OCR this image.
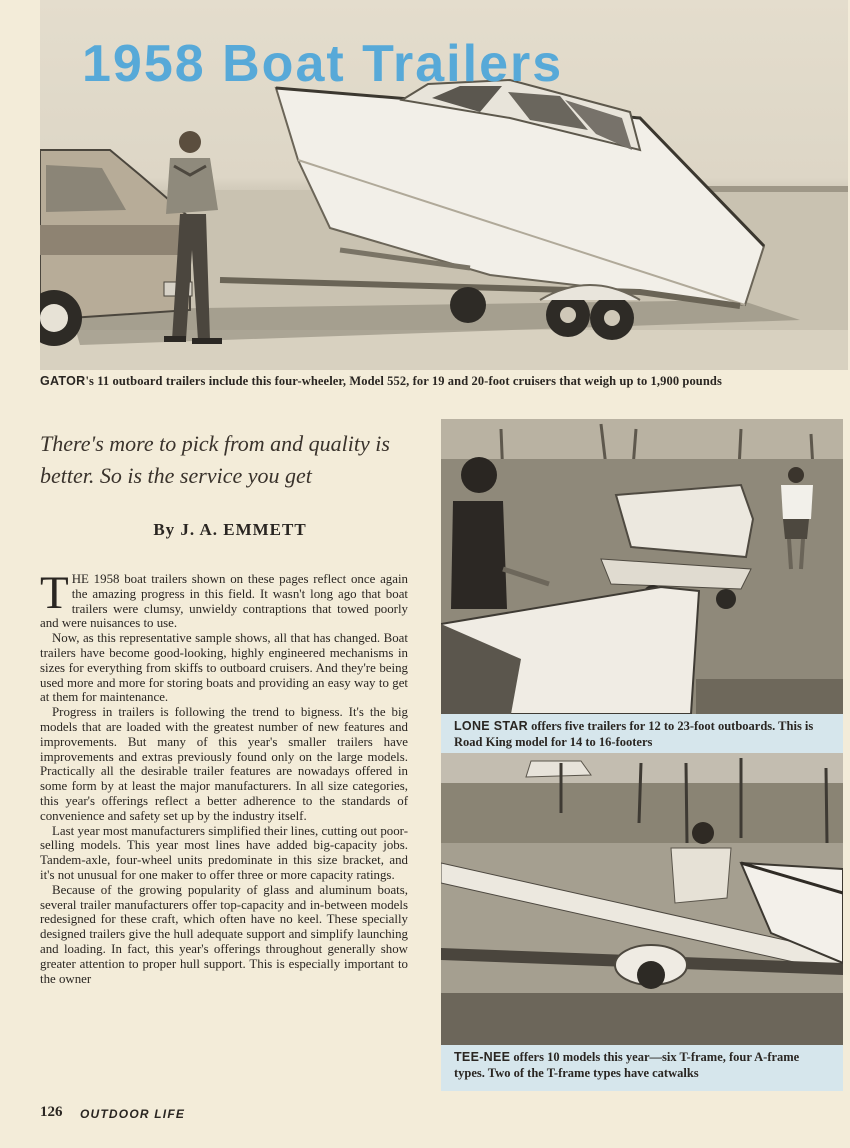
1958 Boat Trailers
GATOR's 11 outboard trailers include this four-wheeler, Model 552, for 19 and 20-foot cruisers that weigh up to 1,900 pounds
There's more to pick from and quality is better. So is the service you get
By J. A. EMMETT

THE 1958 boat trailers shown on these pages reflect once again the amazing progress in this field. It wasn't long ago that boat trailers were clumsy, unwieldy contraptions that towed poorly and were nuisances to use.

Now, as this representative sample shows, all that has changed. Boat trailers have become good-looking, highly engineered mechanisms in sizes for everything from skiffs to outboard cruisers. And they're being used more and more for storing boats and providing an easy way to get at them for maintenance.

Progress in trailers is following the trend to bigness. It's the big models that are loaded with the greatest number of new features and improvements. But many of this year's smaller trailers have improvements and extras previously found only on the large models. Practically all the desirable trailer features are nowadays offered in some form by at least the major manufacturers. In all size categories, this year's offerings reflect a better adherence to the standards of convenience and safety set up by the industry itself.

Last year most manufacturers simplified their lines, cutting out poor-selling models. This year most lines have added big-capacity jobs. Tandem-axle, four-wheel units predominate in this size bracket, and it's not unusual for one maker to offer three or more capacity ratings.

Because of the growing popularity of glass and aluminum boats, several trailer manufacturers offer top-capacity and in-between models redesigned for these craft, which often have no keel. These specially designed trailers give the hull adequate support and simplify launching and loading. In fact, this year's offerings throughout generally show greater attention to proper hull support. This is especially important to the owner

LONE STAR offers five trailers for 12 to 23-foot outboards. This is Road King model for 14 to 16-footers
TEE-NEE offers 10 models this year—six T-frame, four A-frame types. Two of the T-frame types have catwalks
126 OUTDOOR LIFE
